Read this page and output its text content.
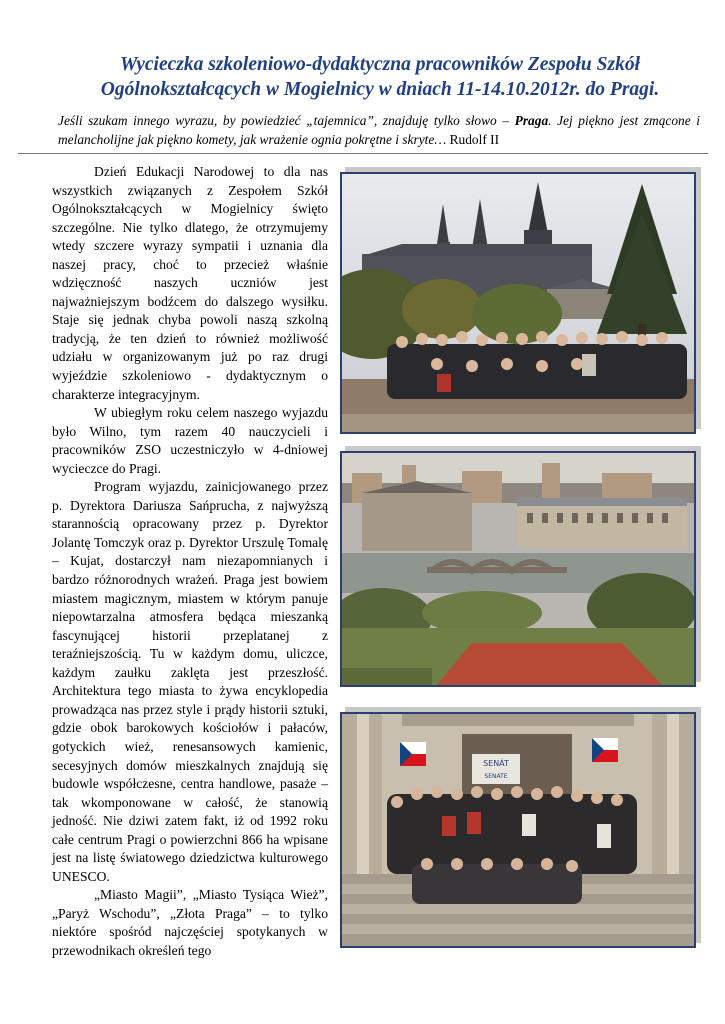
Wycieczka szkoleniowo-dydaktyczna pracowników Zespołu Szkół
Ogólnokształcących w Mogielnicy w dniach 11-14.10.2012r. do Pragi.

Jeśli szukam innego wyrazu, by powiedzieć „tajemnica”, znajduję tylko słowo – Praga. Jej piękno jest zmącone i melancholijne jak piękno komety, jak wrażenie ognia pokrętne i skryte… Rudolf II

Dzień Edukacji Narodowej to dla nas wszystkich związanych z Zespołem Szkół Ogólnokształcących w Mogielnicy święto szczególne. Nie tylko dlatego, że otrzymujemy wtedy szczere wyrazy sympatii i uznania dla naszej pracy, choć to przecież właśnie wdzięczność naszych uczniów jest najważniejszym bodźcem do dalszego wysiłku. Staje się jednak chyba powoli naszą szkolną tradycją, że ten dzień to również możliwość udziału w organizowanym już po raz drugi wyjeździe szkoleniowo - dydaktycznym o charakterze integracyjnym.

W ubiegłym roku celem naszego wyjazdu było Wilno, tym razem 40 nauczycieli i pracowników ZSO uczestniczyło w 4-dniowej wycieczce do Pragi.

Program wyjazdu, zainicjowanego przez p. Dyrektora Dariusza Sańprucha, z najwyższą starannością opracowany przez p. Dyrektor Jolantę Tomczyk oraz p. Dyrektor Urszulę Tomalę – Kujat, dostarczył nam niezapomnianych i bardzo różnorodnych wrażeń. Praga jest bowiem miastem magicznym, miastem w którym panuje niepowtarzalna atmosfera będąca mieszanką fascynującej historii przeplatanej z teraźniejszością. Tu w każdym domu, uliczce, każdym zaułku zaklęta jest przeszłość. Architektura tego miasta to żywa encyklopedia prowadząca nas przez style i prądy historii sztuki, gdzie obok barokowych kościołów i pałaców, gotyckich wież, renesansowych kamienic, secesyjnych domów mieszkalnych znajdują się budowle współczesne, centra handlowe, pasaże – tak wkomponowane w całość, że stanowią jedność. Nie dziwi zatem fakt, iż od 1992 roku całe centrum Pragi o powierzchni 866 ha wpisane jest na listę światowego dziedzictwa kulturowego UNESCO.

„Miasto Magii”, „Miasto Tysiąca Wież”, „Paryż Wschodu”, „Złota Praga” – to tylko niektóre spośród najczęściej spotykanych w przewodnikach określeń tego

SENÁT
SENATE
